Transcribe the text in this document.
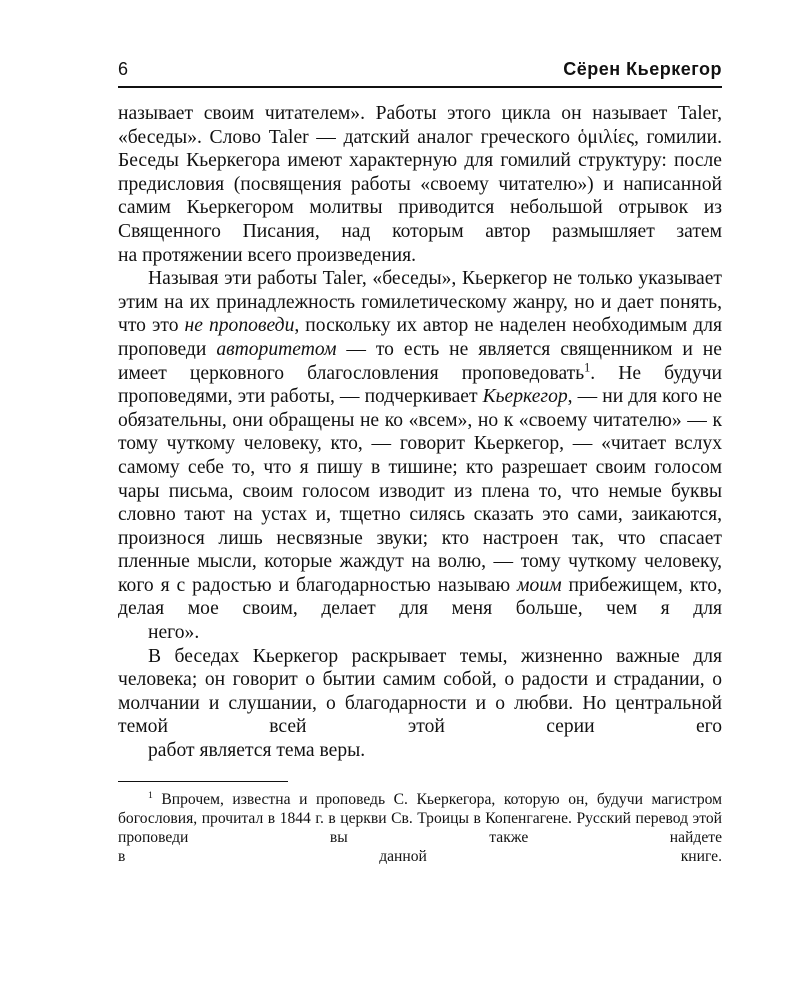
6	Сёрен Кьеркегор

называет своим читателем». Работы этого цикла он называет Taler, «беседы». Слово Taler — датский аналог греческого ὁμιλίες, гомилии. Беседы Кьеркегора имеют характерную для гомилий структуру: после предисловия (посвящения работы «своему читателю») и написанной самим Кьеркегором молитвы приводится небольшой отрывок из Священного Писания, над которым автор размышляет затем
на протяжении всего произведения.

Называя эти работы Taler, «беседы», Кьеркегор не только указывает этим на их принадлежность гомилетическому жанру, но и дает понять, что это не проповеди, поскольку их автор не наделен необходимым для проповеди авторитетом — то есть не является священником и не имеет церковного благословления проповедовать$^1$. Не будучи проповедями, эти работы, — подчеркивает Кьеркегор, — ни для кого не обязательны, они обращены не ко «всем», но к «своему читателю» — к тому чуткому человеку, кто, — говорит Кьеркегор, — «читает вслух самому себе то, что я пишу в тишине; кто разрешает своим голосом чары письма, своим голосом изводит из плена то, что немые буквы словно тают на устах и, тщетно силясь сказать это сами, заикаются, произнося лишь несвязные звуки; кто настроен так, что спасает пленные мысли, которые жаждут на волю, — тому чуткому человеку, кого я с радостью и благодарностью называю моим прибежищем, кто, делая мое своим, делает для меня больше, чем я для
него».

В беседах Кьеркегор раскрывает темы, жизненно важные для человека; он говорит о бытии самим собой, о радости и страдании, о молчании и слушании, о благодарности и о любви. Но центральной темой всей этой серии его
работ является тема веры.

$^1$ Впрочем, известна и проповедь С. Кьеркегора, которую он, будучи магистром богословия, прочитал в 1844 г. в церкви Св. Троицы в Копенгагене. Русский перевод этой проповеди вы также найдете
в данной книге.
